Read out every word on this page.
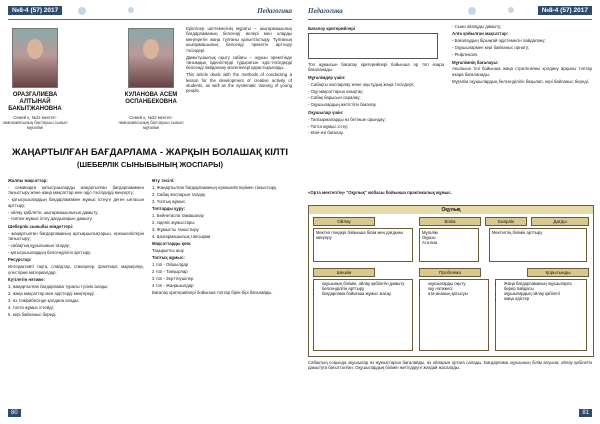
№8-4 (57) 2017	Педагогика
ОРАЗГАЛИЕВА АЛТЫНАЙ БАКЫТЖАНОВНА
Семей қ. №22 мектеп-гимназиясының бастауыш сынып мұғалімі
КУЛАНОВА АСЕМ ОСПАНБЕКОВНА
Семей қ. №22 мектеп-гимназиясының бастауыш сынып мұғалімі

Еріктілер шілтемесінің мұраты – шығармашылық бағдарламаның белсенді иелері мен оларды меңгеретін жаңа тұлғаны қалыптастыру. Тұлғаның шығармашылық белсенді әрекетін арттыру тәсілдері.

Дамытушылық оқыту сабағы – оқушы әрекетінде танымдық ізденістерді тудыратын әдіс-тәсілдерді белсенді пайдалану мәселелері қарастырылады.

This article deals with the methods of conducting a lesson for the development of creative activity of students, as well as the systematic training of young people.

ЖАҢАРТЫЛҒАН БАҒДАРЛАМА - ЖАРҚЫН БОЛАШАҚ КІЛТІ
(ШЕБЕРЛІК СЫНЫБЫНЫҢ ЖОСПАРЫ)

Жалпы мақсаттар:

- семинарға қатысушыларды жаңартылған бағдарламамен таныстыру және жаңа мақсаттар мен әдіс-тәсілдерді меңгерту;

- қатысушылардың бағдарламамен жұмыс істеуге деген ынтасын арттыру;

- ойлау қабілетін, шығармашылығын дамыту;

- топпен жұмыс істеу дағдыларын дамыту.

Шеберлік сыныбы міндеттері:

- жаңартылған бағдарламаның артықшылықтарын, ерекшеліктерін таныстыру;

- сабақтың құрылымын талдау;

- қатысушылардың белсенділігін арттыру.

Ресурстар:

Интерактивті тақта, слайдтар, стикерлер, флипчарт, маркерлер, үлестірме материалдар.

Күтілетін нәтиже:

1. жаңартылған бағдарлама туралы түсінік алады;

2. жаңа мақсаттар мен әдістерді меңгереді;

3. өз тәжірибесінде қолдана алады;

4. топта жұмыс істейді;

5. кері байланыс береді.

Өту тәсілі:

1. Жаңартылған бағдарламаның ерекшеліктерімен таныстыру.

2. Сабақ жоспарын талдау.

3. Топтық жұмыс.

Топтарды құру:

1. Бейнетаспа тамашалау

2. Ізденіс жұмыстары

3. Жұмысты таныстыру

4. Шығармашылық тапсырма

Мақсаттарды қою:

Тақырыпты ашу.

Топтық жұмыс:

1 топ - Ойшылдар

2 топ - Тапқырлар

3 топ - Зерттеушілер

4 топ - Жаңашылдар

Бағалау критерийлері бойынша топтар бірін-бірі бағалайды.

80
Педагогика	№8-4 (57) 2017

Бағалау критерийлері

Топ жұмысын бағалау критерийлері бойынша әр топ өзара бағаланады.

Мұғалімдер үшін:

- Сабақты жоспарлау және оқытудың жаңа тәсілдері;

- Оқу мақсаттарын анықтау;

- Сабақ барысын саралау;

- Оқушылардың жетістігін бағалау.

Оқушылар үшін:

- Тапсырмаларды өз бетінше орындау;

- Топта жұмыс істеу;

- Өзін-өзі бағалау.

- Сыни ойлауды дамыту;

Алға қойылған мақсаттар:

- Бағалаудың бірыңғай әдістемесін пайдалану;

- Оқушылармен кері байланыс орнату;

- Рефлексия.

Мұғалімнің бағалауы:

Ағылшын тілі бойынша жаңа стратегияны қолдану арқылы топтар өзара бағаланады.

Мұғалім оқушылардың белсенділігін бақылап, кері байланыс береді.

«Орта мектептің» "Оқулық" жобасы бойынша практикалық жұмыс.
Оқулық
Ойлау	Білім	Іскерлік	Дағды
Мектеп пәндері бойынша білім мен дағдыны меңгеру
Мұғалім
Оқушы
Ата-ана
Мектептің білімін арттыру
Шешім	Проблема	Қорытынды
• оқушының білімін, ойлау қабілетін дамыту
• белсенділігін арттыру
• бағдарлама бойынша жұмыс жасау
• оқушыларды оқыту
• оқу нәтижесі
• ата-ананың қатысуы
• Жаңа бағдарламаның оқушыларға берер пайдасы
• оқушылардың ойлау қабілеті
• жаңа әдістер
Сабақтың соңында оқушылар өз жұмыстарын бағалайды, өз ойларын ортаға салады. Бағдарлама оқушының білім алуына, ойлау қабілетін дамытуға бағытталған. Оқушылардың білімін жетілдіруге жағдай жасалады.
81
